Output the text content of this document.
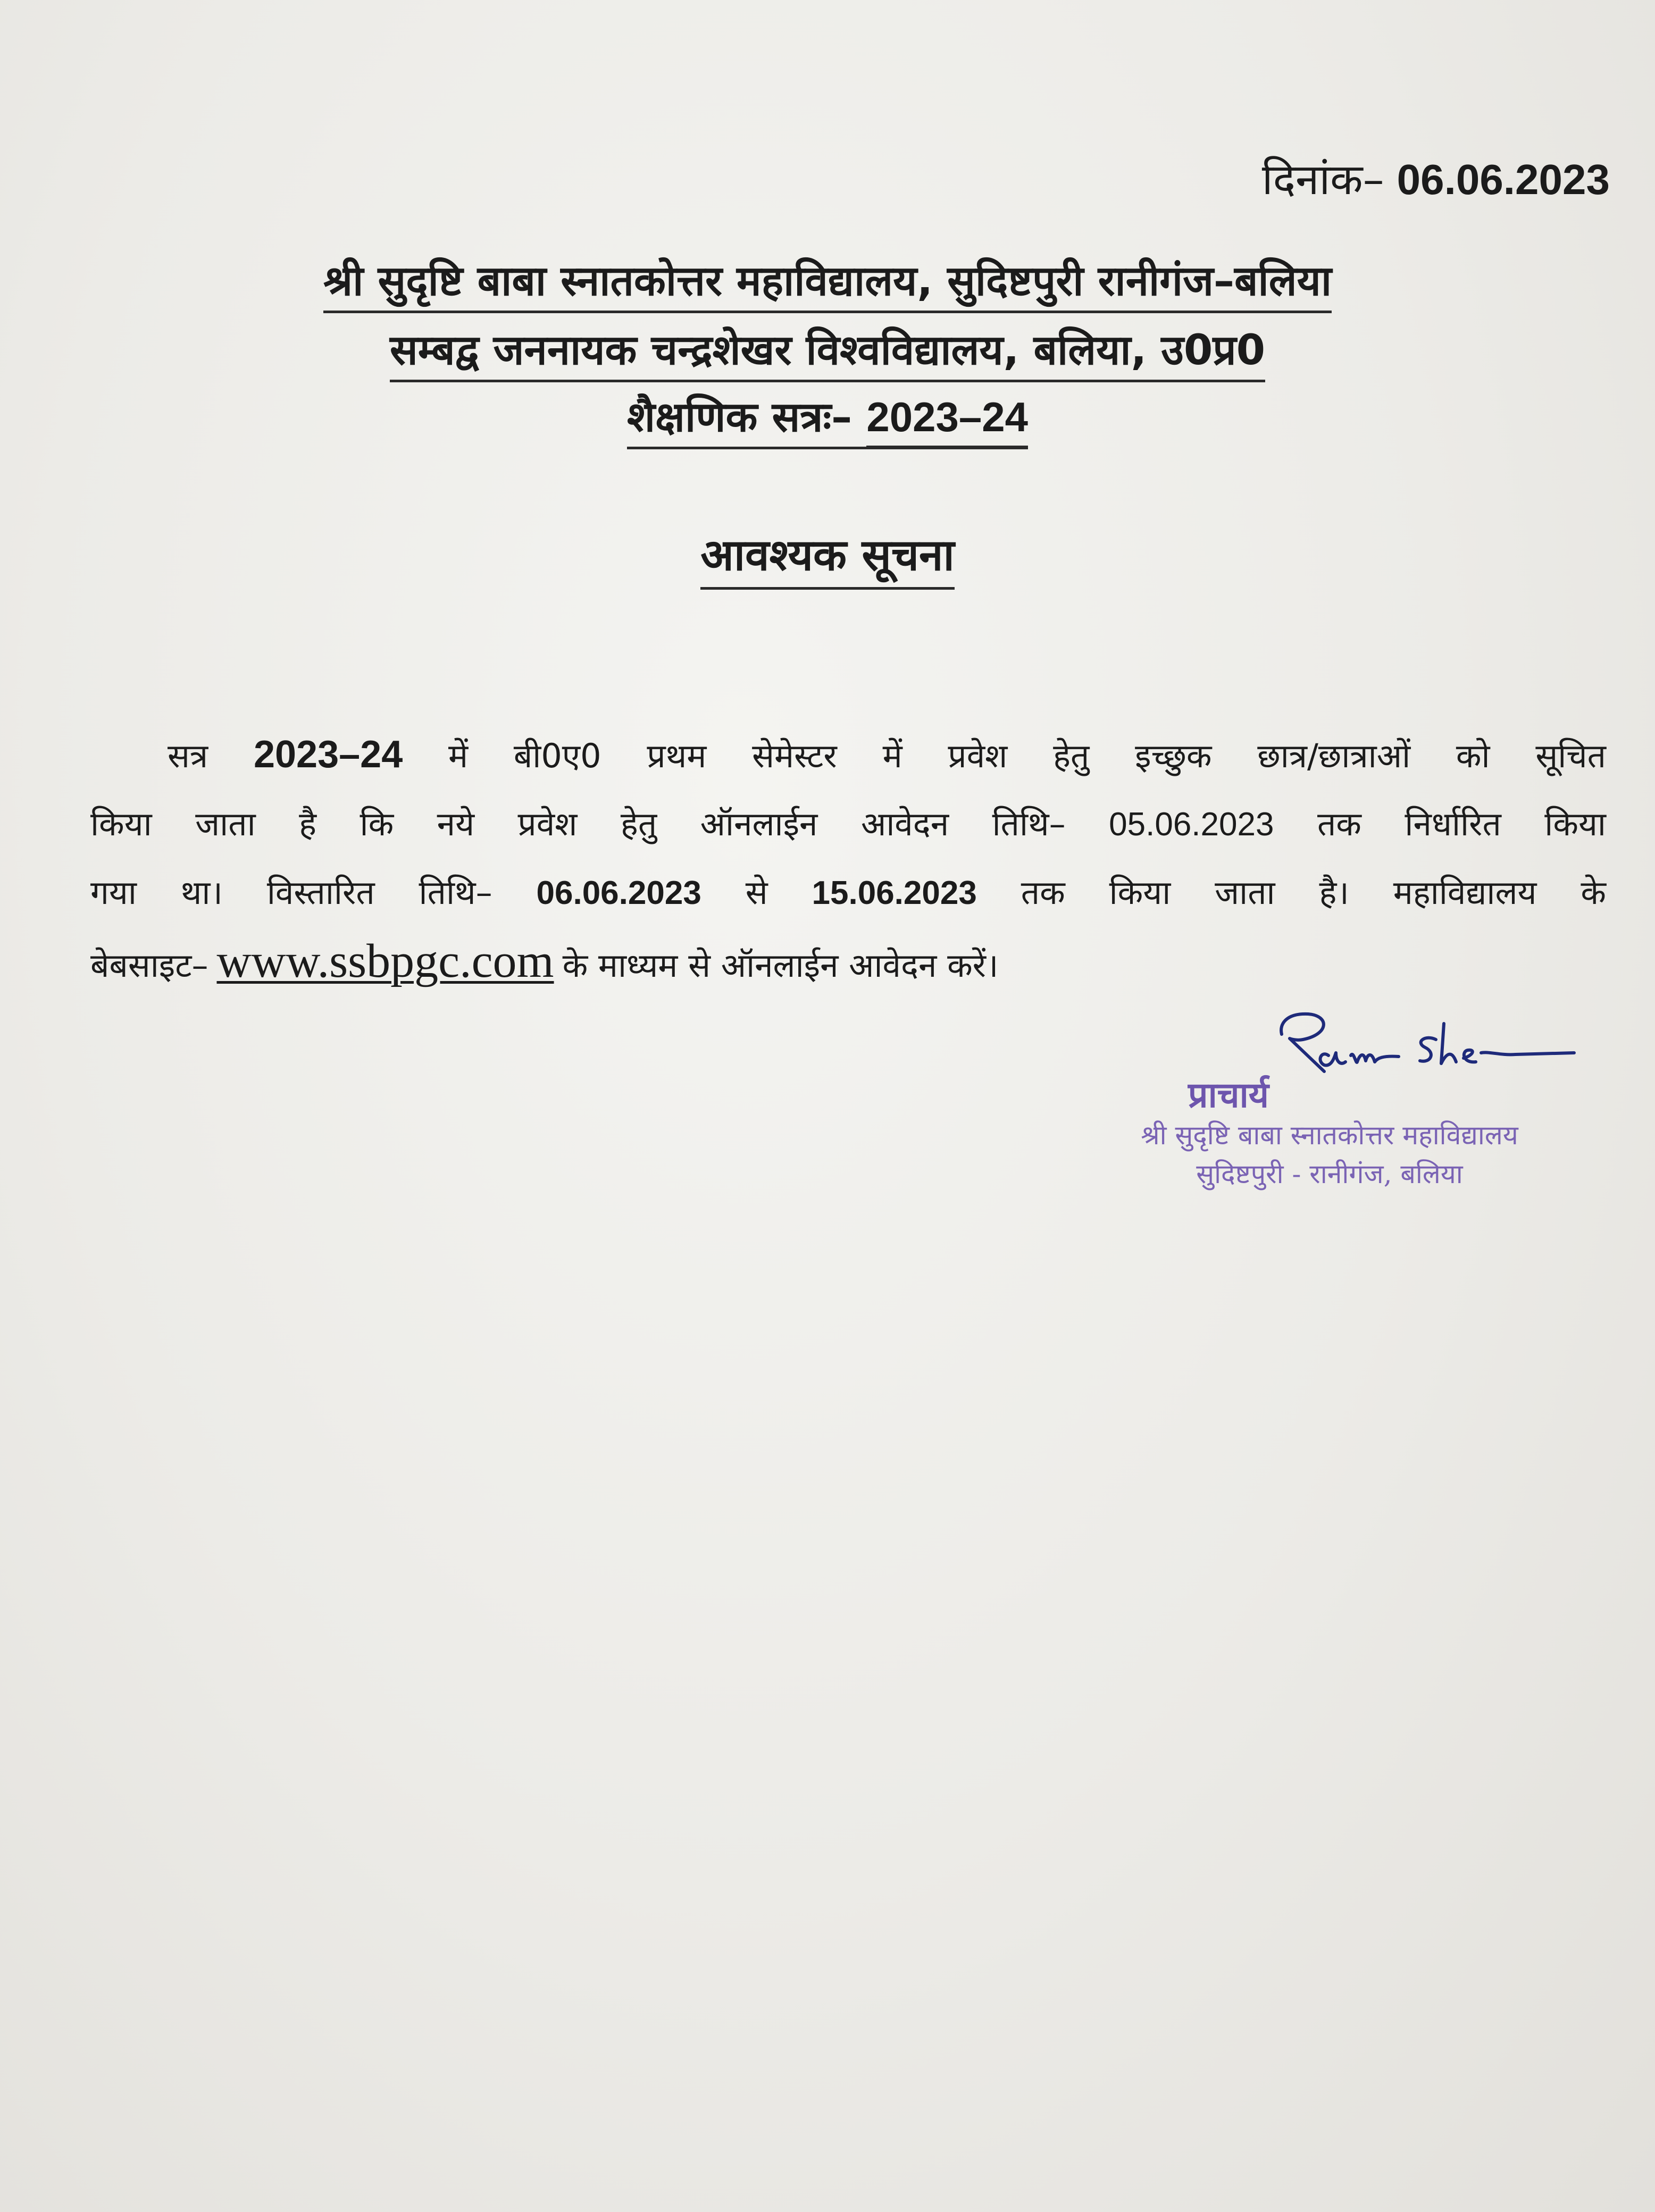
दिनांक– 06.06.2023
श्री सुदृष्टि बाबा स्नातकोत्तर महाविद्यालय, सुदिष्टपुरी रानीगंज–बलिया
सम्बद्व जननायक चन्द्रशेखर विश्वविद्यालय, बलिया, उ0प्र0
शैक्षणिक सत्रः– 2023–24
आवश्यक सूचना
सत्र 2023–24 में बी0ए0 प्रथम सेमेस्टर में प्रवेश हेतु इच्छुक छात्र/छात्राओं को सूचित
किया जाता है कि नये प्रवेश हेतु ऑनलाईन आवेदन तिथि– 05.06.2023 तक निर्धारित किया
गया था। विस्तारित तिथि– 06.06.2023 से 15.06.2023 तक किया जाता है। महाविद्यालय के
बेबसाइट– www.ssbpgc.com के माध्यम से ऑनलाईन आवेदन करें।
प्राचार्य
श्री सुदृष्टि बाबा स्नातकोत्तर महाविद्यालय
सुदिष्टपुरी - रानीगंज, बलिया
